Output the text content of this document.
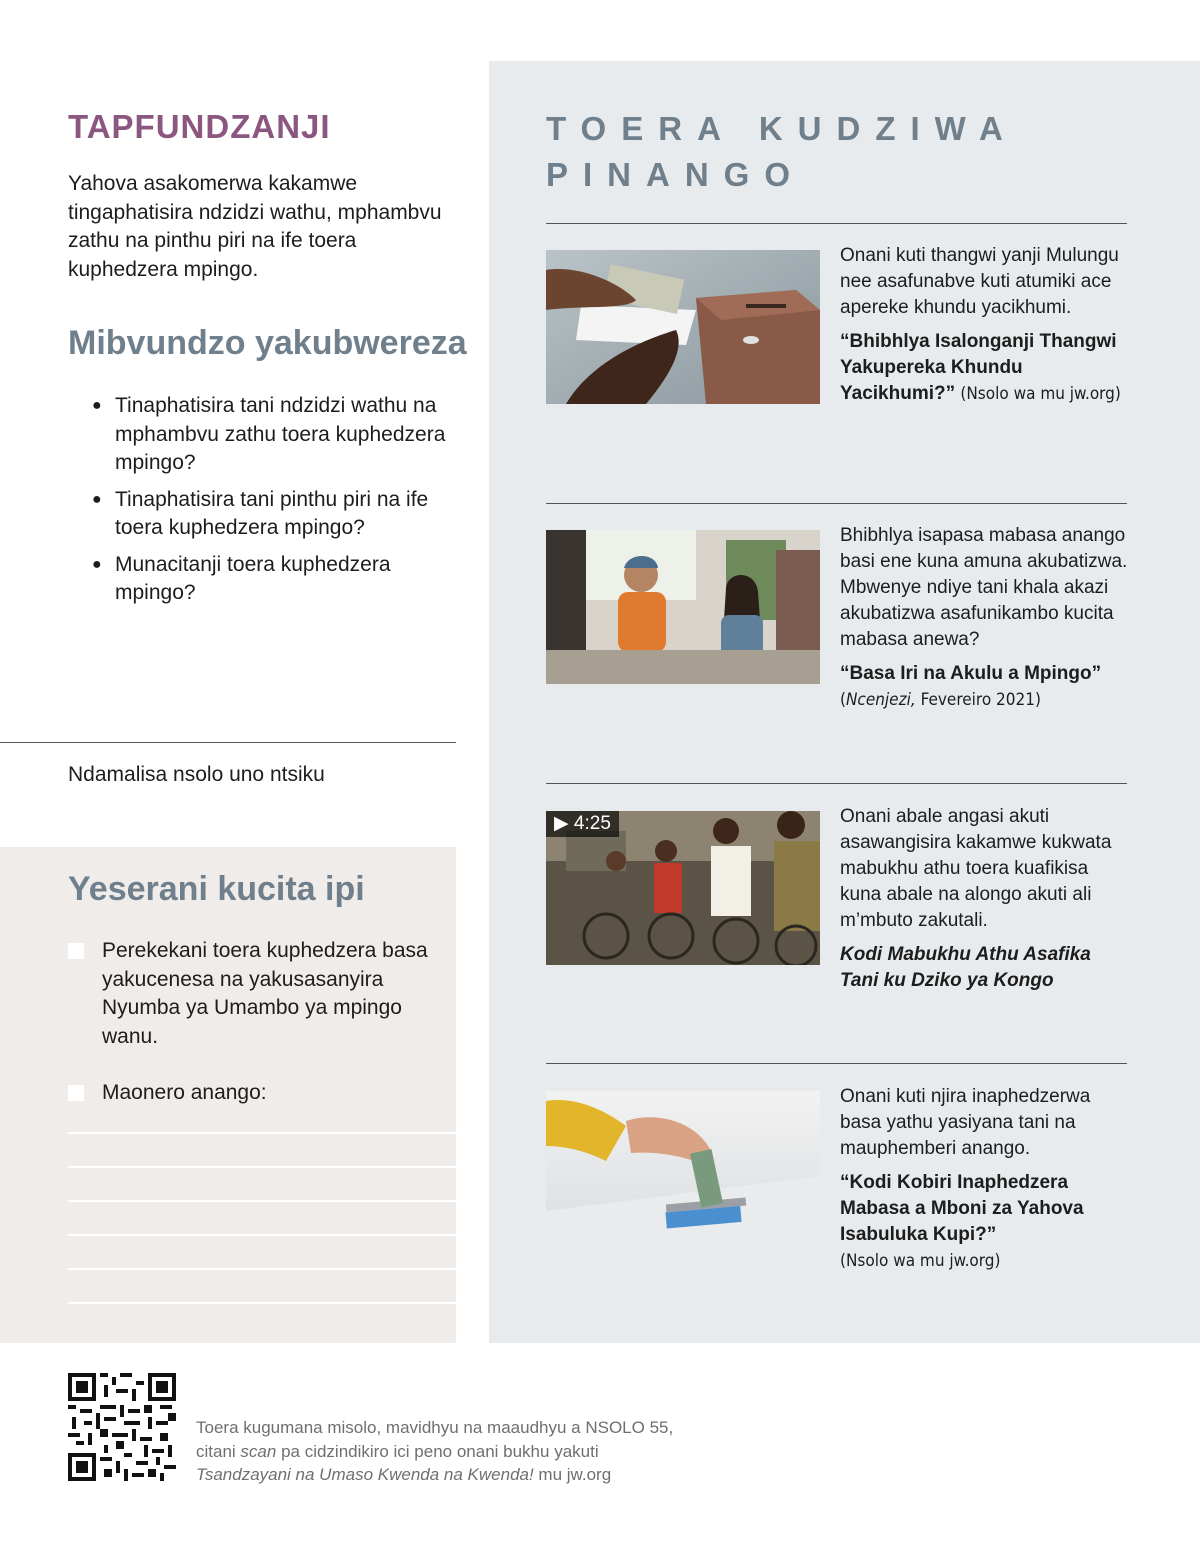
TAPFUNDZANJI

Yahova asakomerwa kakamwe tingaphatisira ndzidzi wathu, mphambvu zathu na pinthu piri na ife toera kuphedzera mpingo.

Mibvundzo yakubwereza
● Tinaphatisira tani ndzidzi wathu na mphambvu zathu toera kuphedzera mpingo?
● Tinaphatisira tani pinthu piri na ife toera kuphedzera mpingo?
● Munacitanji toera kuphedzera mpingo?
Ndamalisa nsolo uno ntsiku
Yeserani kucita ipi
Perekekani toera kuphedzera basa yakucenesa na yakusasanyira Nyumba ya Umambo ya mpingo wanu.
Maonero anango:
TOERA KUDZIWA PINANGO

Onani kuti thangwi yanji Mulungu nee asafunabve kuti atumiki ace apereke khundu yacikhumi.

“Bhibhlya Isalonganji Thangwi Yakupereka Khundu Yacikhumi?” (Nsolo wa mu jw.org)

Bhibhlya isapasa mabasa anango basi ene kuna amuna akubatizwa. Mbwenye ndiye tani khala akazi akubatizwa asafunikambo kucita mabasa anewa?

“Basa Iri na Akulu a Mpingo”
(Ncenjezi, Fevereiro 2021)

▶ 4:25	Onani abale angasi akuti asawangisira kakamwe kukwata mabukhu athu toera kuafikisa kuna abale na alongo akuti ali m’mbuto zakutali.

Kodi Mabukhu Athu Asafika Tani ku Dziko ya Kongo

Onani kuti njira inaphedzerwa basa yathu yasiyana tani na mauphemberi anango.

“Kodi Kobiri Inaphedzera Mabasa a Mboni za Yahova Isabuluka Kupi?”
(Nsolo wa mu jw.org)

Toera kugumana misolo, mavidhyu na maaudhyu a NSOLO 55,
citani scan pa cidzindikiro ici peno onani bukhu yakuti
Tsandzayani na Umaso Kwenda na Kwenda! mu jw.org
